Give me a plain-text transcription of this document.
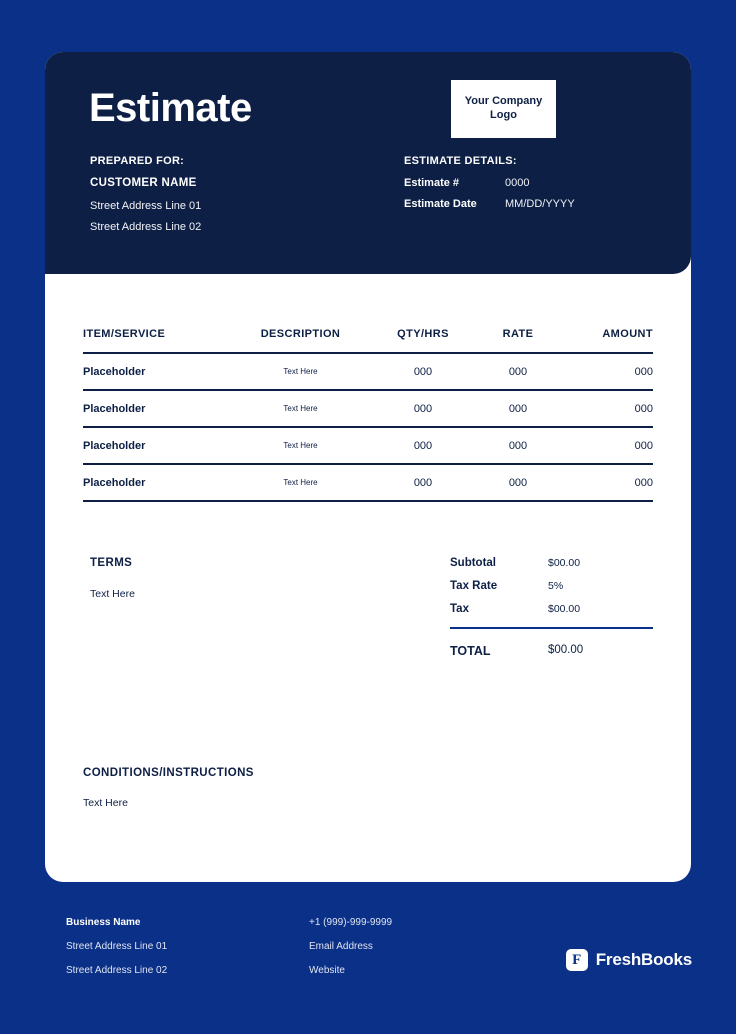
Estimate	Your Company
Logo
PREPARED FOR:
CUSTOMER NAME
Street Address Line 01
Street Address Line 02
ESTIMATE DETAILS:
Estimate #	0000
Estimate Date	MM/DD/YYYY
ITEM/SERVICE	DESCRIPTION	QTY/HRS	RATE	AMOUNT
Placeholder	Text Here	000	000	000
Placeholder	Text Here	000	000	000
Placeholder	Text Here	000	000	000
Placeholder	Text Here	000	000	000
TERMS
Text Here
Subtotal	$00.00
Tax Rate	5%
Tax	$00.00
TOTAL	$00.00
CONDITIONS/INSTRUCTIONS
Text Here
Business Name
Street Address Line 01
Street Address Line 02
+1 (999)-999-9999
Email Address
Website
F FreshBooks
